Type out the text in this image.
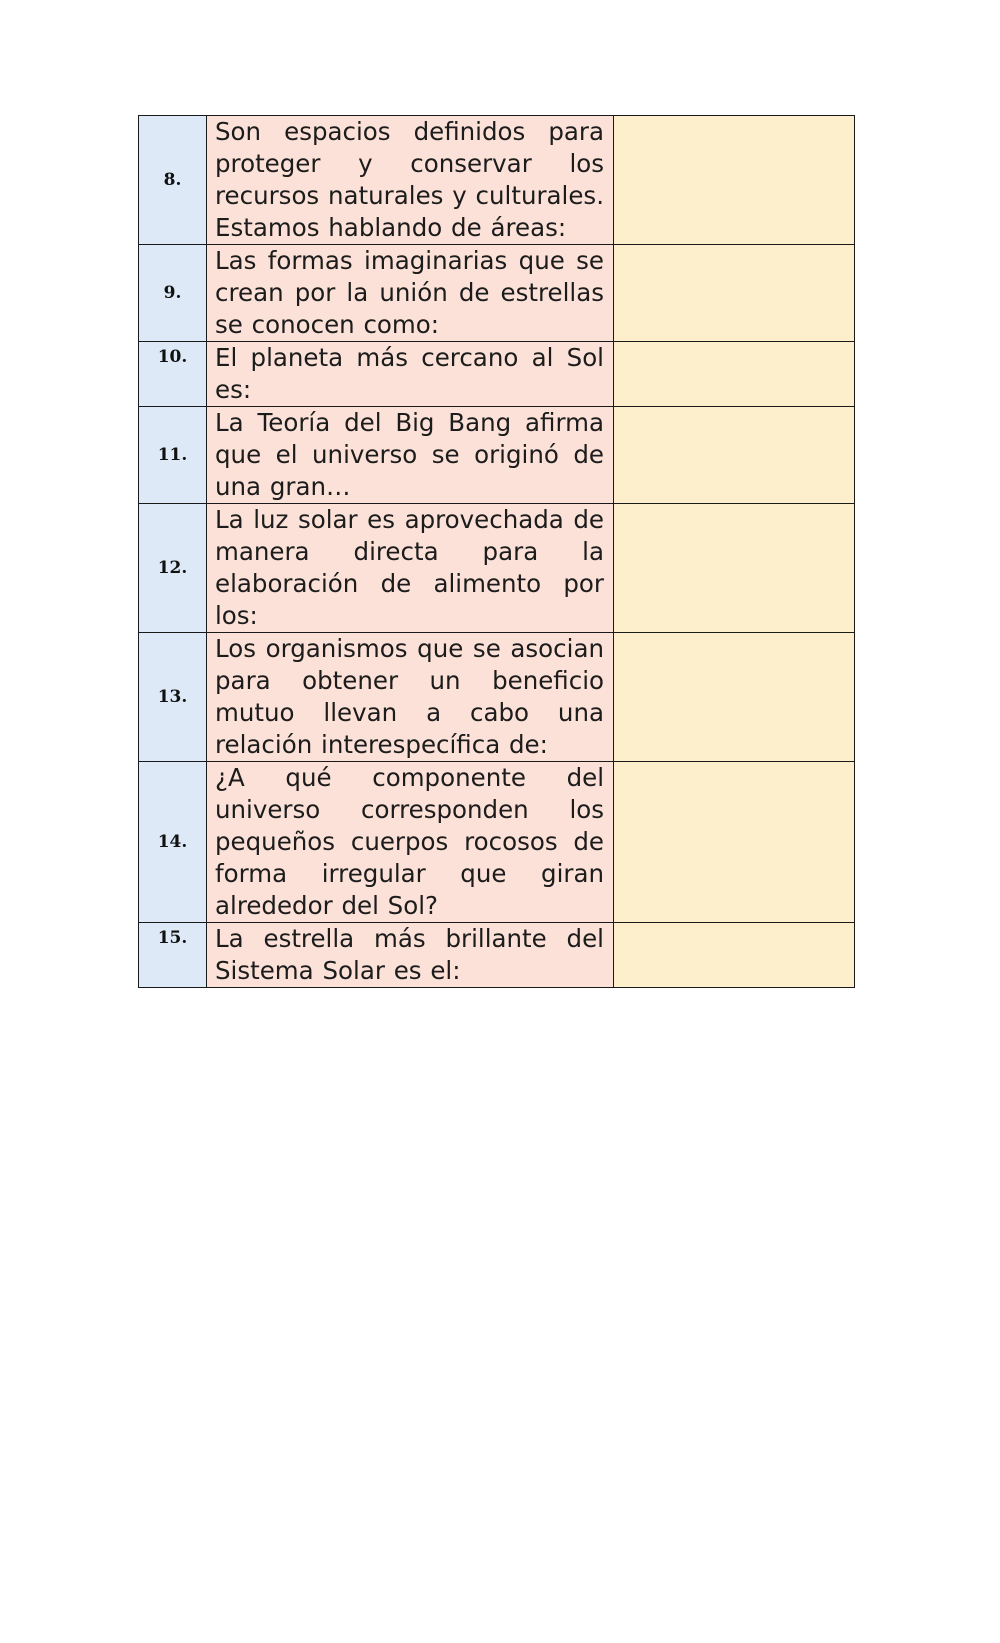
8.	Son espacios definidos para proteger y conservar los recursos naturales y culturales. Estamos hablando de áreas:	
9.	Las formas imaginarias que se crean por la unión de estrellas se conocen como:	
10.	El planeta más cercano al Sol es:	
11.	La Teoría del Big Bang afirma que el universo se originó de una gran…	
12.	La luz solar es aprovechada de manera directa para la elaboración de alimento por los:	
13.	Los organismos que se asocian para obtener un beneficio mutuo llevan a cabo una relación interespecífica de:	
14.	¿A qué componente del universo corresponden los pequeños cuerpos rocosos de forma irregular que giran alrededor del Sol?	
15.	La estrella más brillante del Sistema Solar es el:	
